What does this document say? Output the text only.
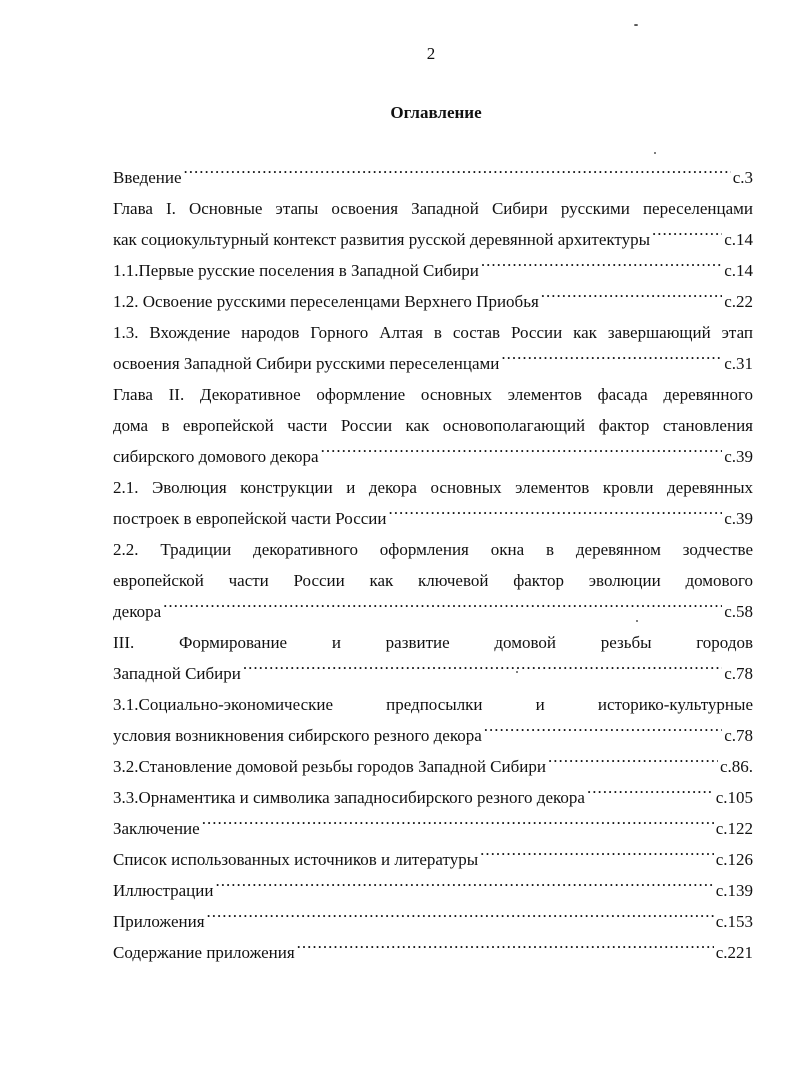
2
Оглавление
Введение .....	с.3
Глава I. Основные этапы освоения Западной Сибири русскими переселенцами
как социокультурный контекст развития русской деревянной архитектуры .....	с.14
1.1.Первые русские поселения в Западной Сибири .....	с.14
1.2. Освоение русскими переселенцами Верхнего Приобья .....	с.22
1.3. Вхождение народов Горного Алтая в состав России как завершающий этап
освоения Западной Сибири русскими переселенцами .....	с.31
Глава II. Декоративное оформление основных элементов фасада деревянного
дома в европейской части России как основополагающий фактор становления
сибирского домового декора .....	с.39
2.1. Эволюция конструкции и декора основных элементов кровли деревянных
построек в европейской части России .....	с.39
2.2. Традиции декоративного оформления окна в деревянном зодчестве
европейской части России как ключевой фактор эволюции домового
декора .....	с.58
III. Формирование и развитие домовой резьбы городов
Западной Сибири .....	с.78
3.1.Социально-экономические предпосылки и историко-культурные
условия возникновения сибирского резного декора .....	с.78
3.2.Становление домовой резьбы городов Западной Сибири .....	с.86.
3.3.Орнаментика и символика западносибирского резного декора .....	с.105
Заключение .....	с.122
Список использованных источников и литературы .....	с.126
Иллюстрации .....	с.139
Приложения .....	с.153
Содержание приложения .....	с.221
